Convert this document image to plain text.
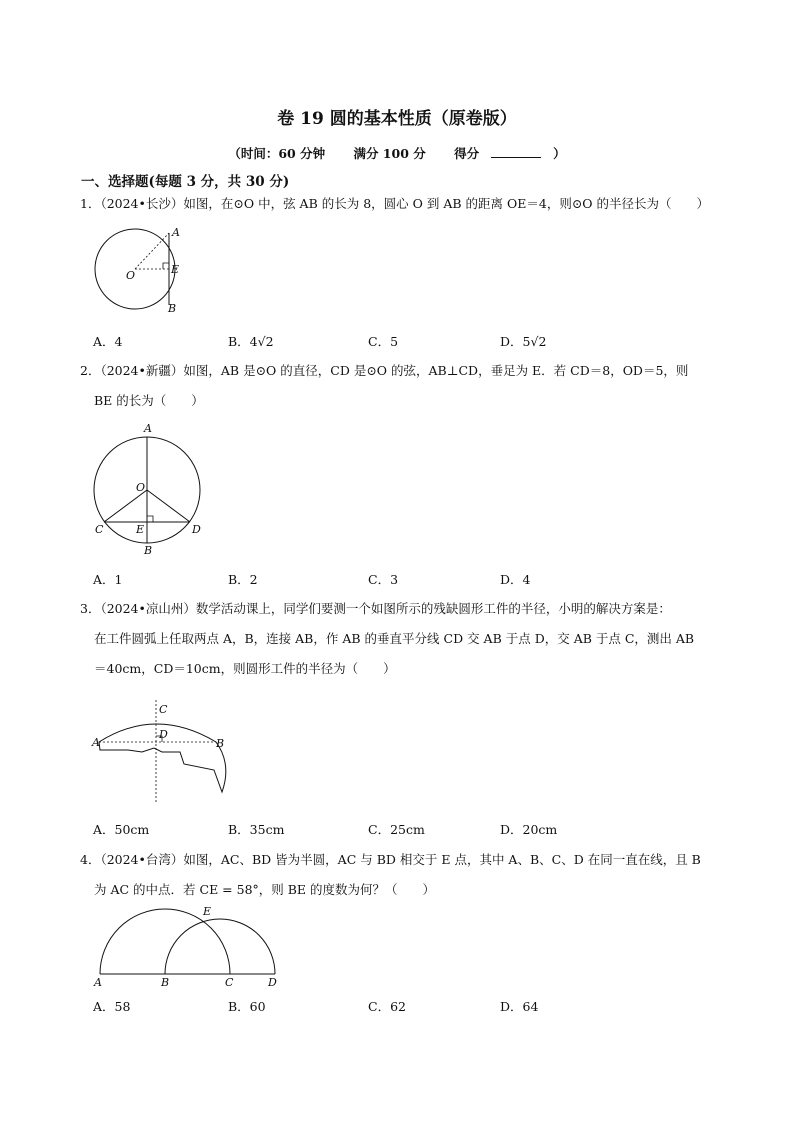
卷 19 圆的基本性质（原卷版）
（时间：60 分钟 满分 100 分 得分	）
一、选择题(每题 3 分，共 30 分)
1．（2024•长沙）如图，在⊙O 中，弦 AB 的长为 8，圆心 O 到 AB 的距离 OE＝4，则⊙O 的半径长为（　　）
A
O	E
B
A．4	B．4√2	C．5	D．5√2
2．（2024•新疆）如图，AB 是⊙O 的直径，CD 是⊙O 的弦，AB⊥CD，垂足为 E．若 CD＝8，OD＝5，则
BE 的长为（　　）
A
O
C	E	D
B
A．1	B．2	C．3	D．4
3．（2024•凉山州）数学活动课上，同学们要测一个如图所示的残缺圆形工件的半径，小明的解决方案是：
在工件圆弧上任取两点 A，B，连接 AB，作 AB 的垂直平分线 CD 交 AB 于点 D，交 AB 于点 C，测出 AB
＝40cm，CD＝10cm，则圆形工件的半径为（　　）
C
A
D
B
A．50cm	B．35cm	C．25cm	D．20cm
4．（2024•台湾）如图，AC、BD 皆为半圆，AC 与 BD 相交于 E 点，其中 A、B、C、D 在同一直在线，且 B
为 AC 的中点．若 CE = 58°，则 BE 的度数为何？（　　）
E
A	B	C	D
A．58	B．60	C．62	D．64
